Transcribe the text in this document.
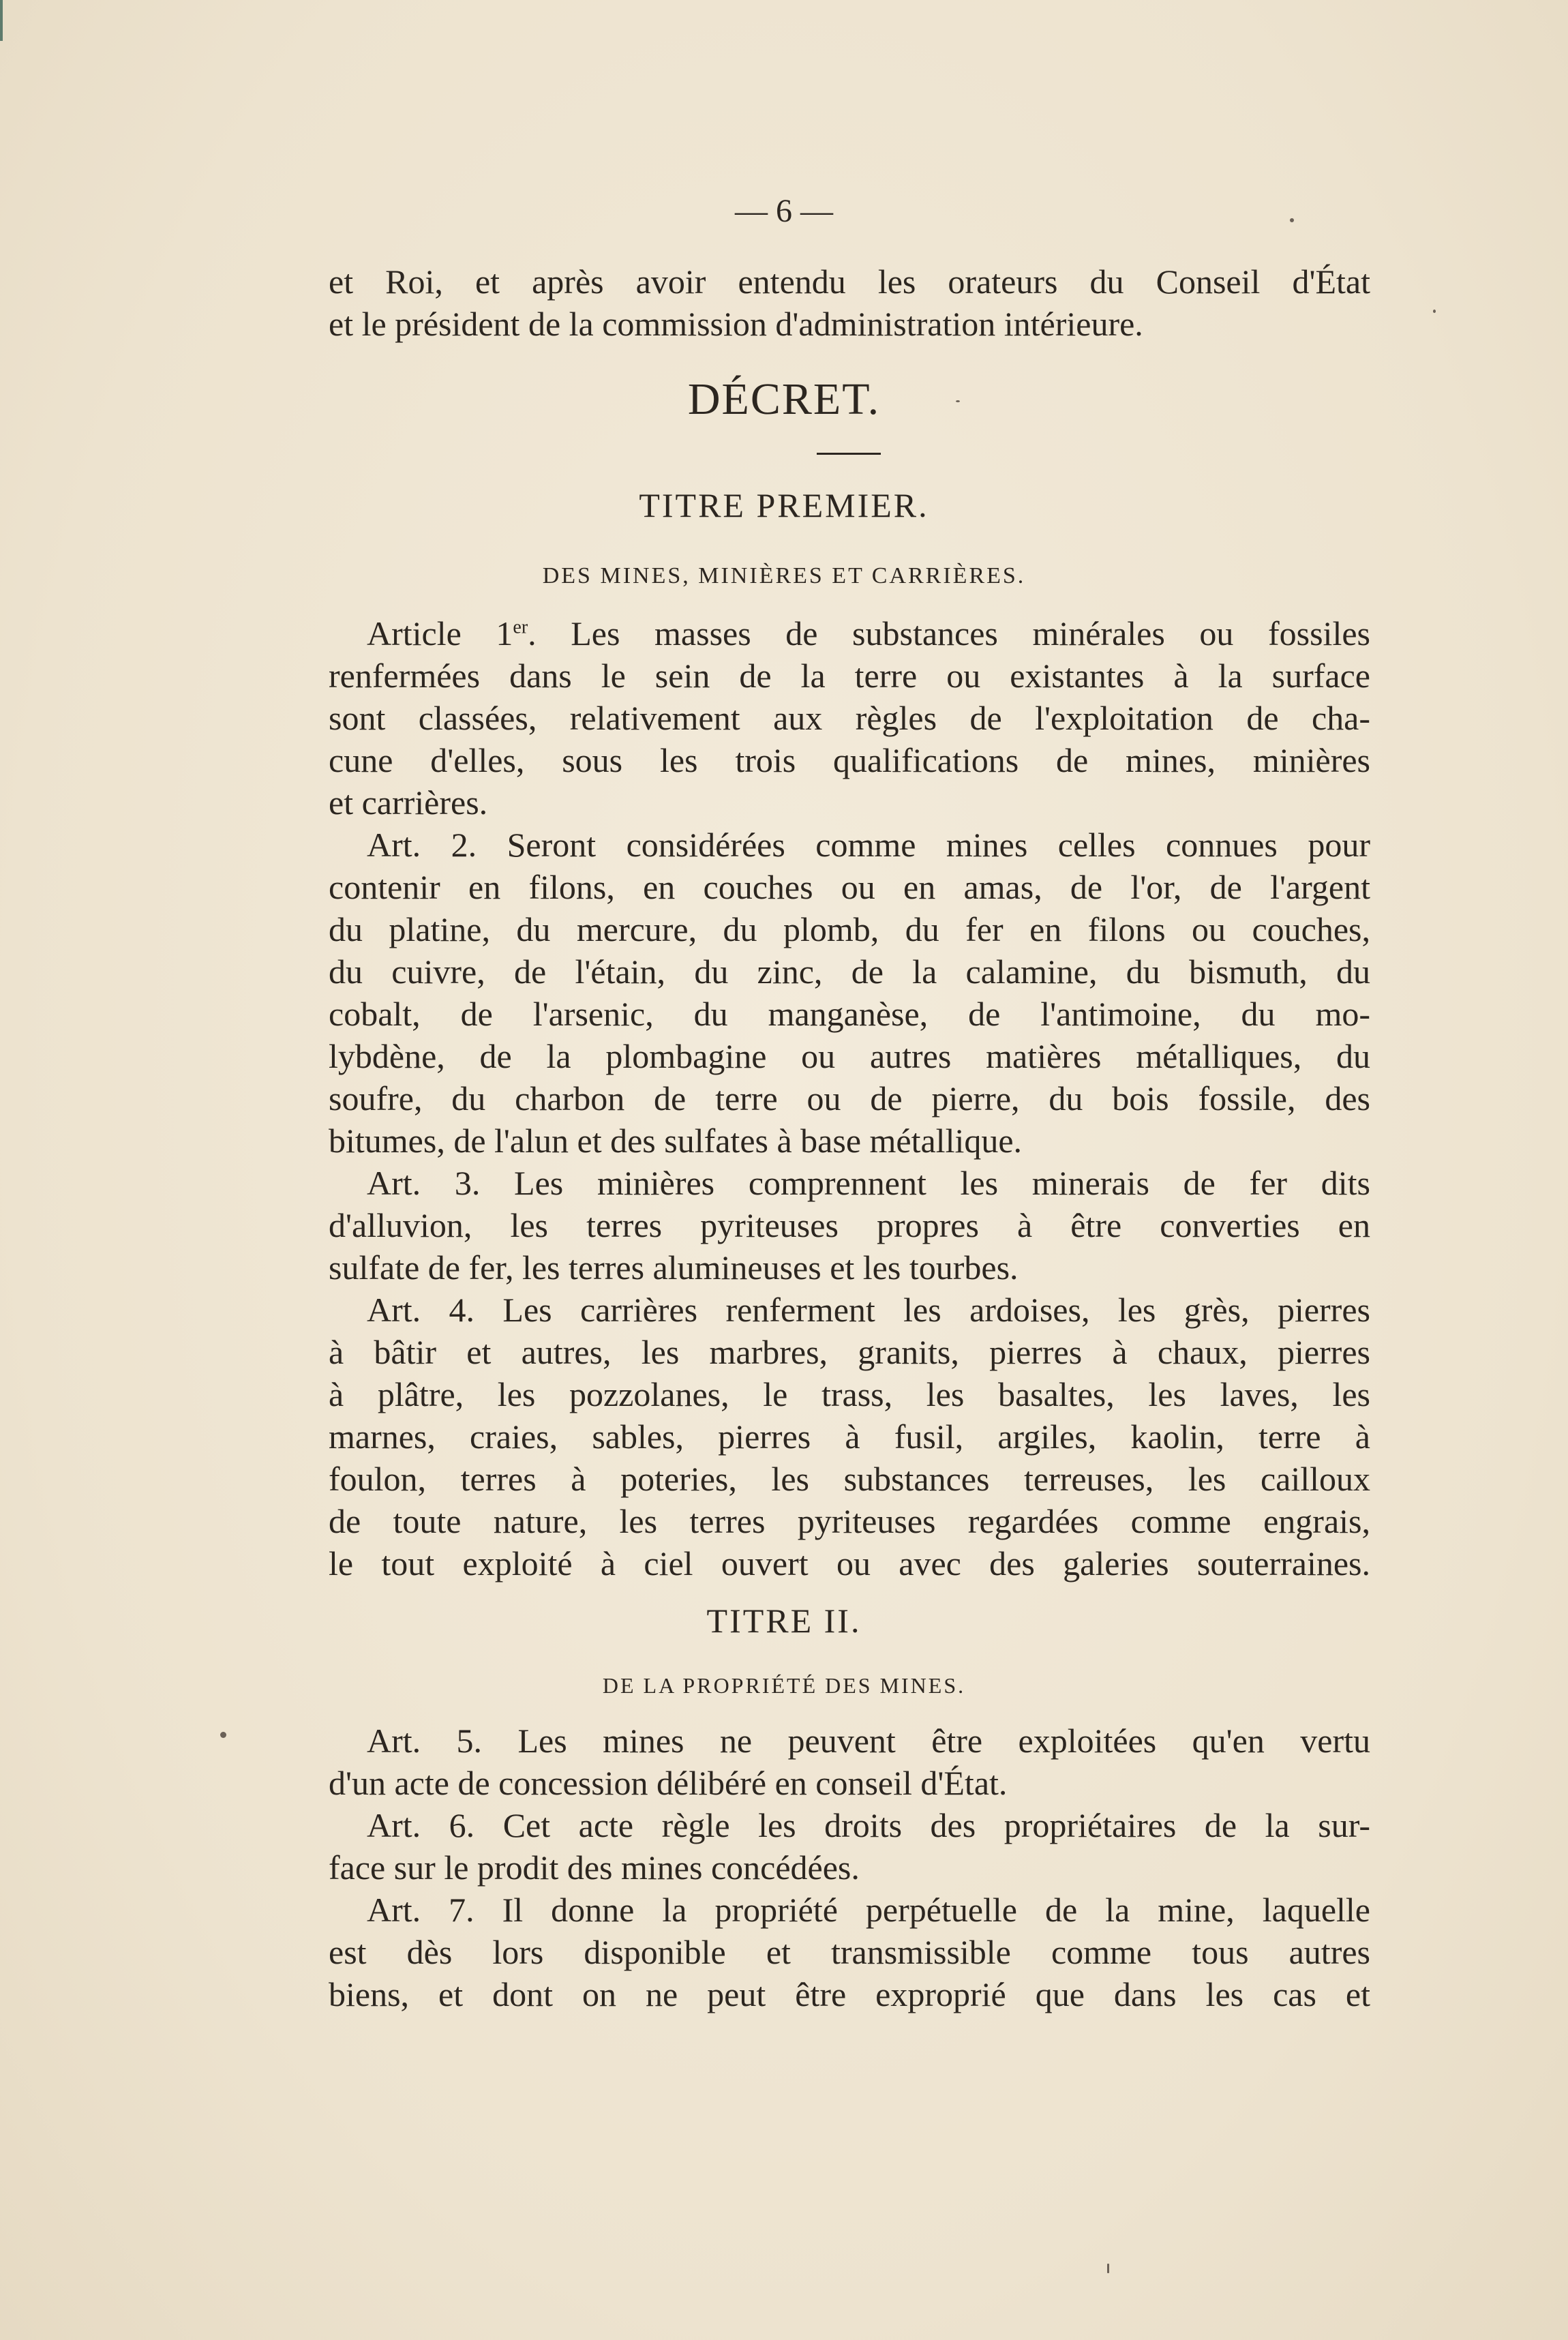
— 6 —
et Roi, et après avoir entendu les orateurs du Conseil d'État
et le président de la commission d'administration intérieure.
DÉCRET.
TITRE PREMIER.
DES MINES, MINIÈRES ET CARRIÈRES.
Article 1er. Les masses de substances minérales ou fossiles
renfermées dans le sein de la terre ou existantes à la surface
sont classées, relativement aux règles de l'exploitation de cha-
cune d'elles, sous les trois qualifications de mines, minières
et carrières.
Art. 2. Seront considérées comme mines celles connues pour
contenir en filons, en couches ou en amas, de l'or, de l'argent
du platine, du mercure, du plomb, du fer en filons ou couches,
du cuivre, de l'étain, du zinc, de la calamine, du bismuth, du
cobalt, de l'arsenic, du manganèse, de l'antimoine, du mo-
lybdène, de la plombagine ou autres matières métalliques, du
soufre, du charbon de terre ou de pierre, du bois fossile, des
bitumes, de l'alun et des sulfates à base métallique.
Art. 3. Les minières comprennent les minerais de fer dits
d'alluvion, les terres pyriteuses propres à être converties en
sulfate de fer, les terres alumineuses et les tourbes.
Art. 4. Les carrières renferment les ardoises, les grès, pierres
à bâtir et autres, les marbres, granits, pierres à chaux, pierres
à plâtre, les pozzolanes, le trass, les basaltes, les laves, les
marnes, craies, sables, pierres à fusil, argiles, kaolin, terre à
foulon, terres à poteries, les substances terreuses, les cailloux
de toute nature, les terres pyriteuses regardées comme engrais,
le tout exploité à ciel ouvert ou avec des galeries souterraines.
TITRE II.
DE LA PROPRIÉTÉ DES MINES.
Art. 5. Les mines ne peuvent être exploitées qu'en vertu
d'un acte de concession délibéré en conseil d'État.
Art. 6. Cet acte règle les droits des propriétaires de la sur-
face sur le prodit des mines concédées.
Art. 7. Il donne la propriété perpétuelle de la mine, laquelle
est dès lors disponible et transmissible comme tous autres
biens, et dont on ne peut être exproprié que dans les cas et
